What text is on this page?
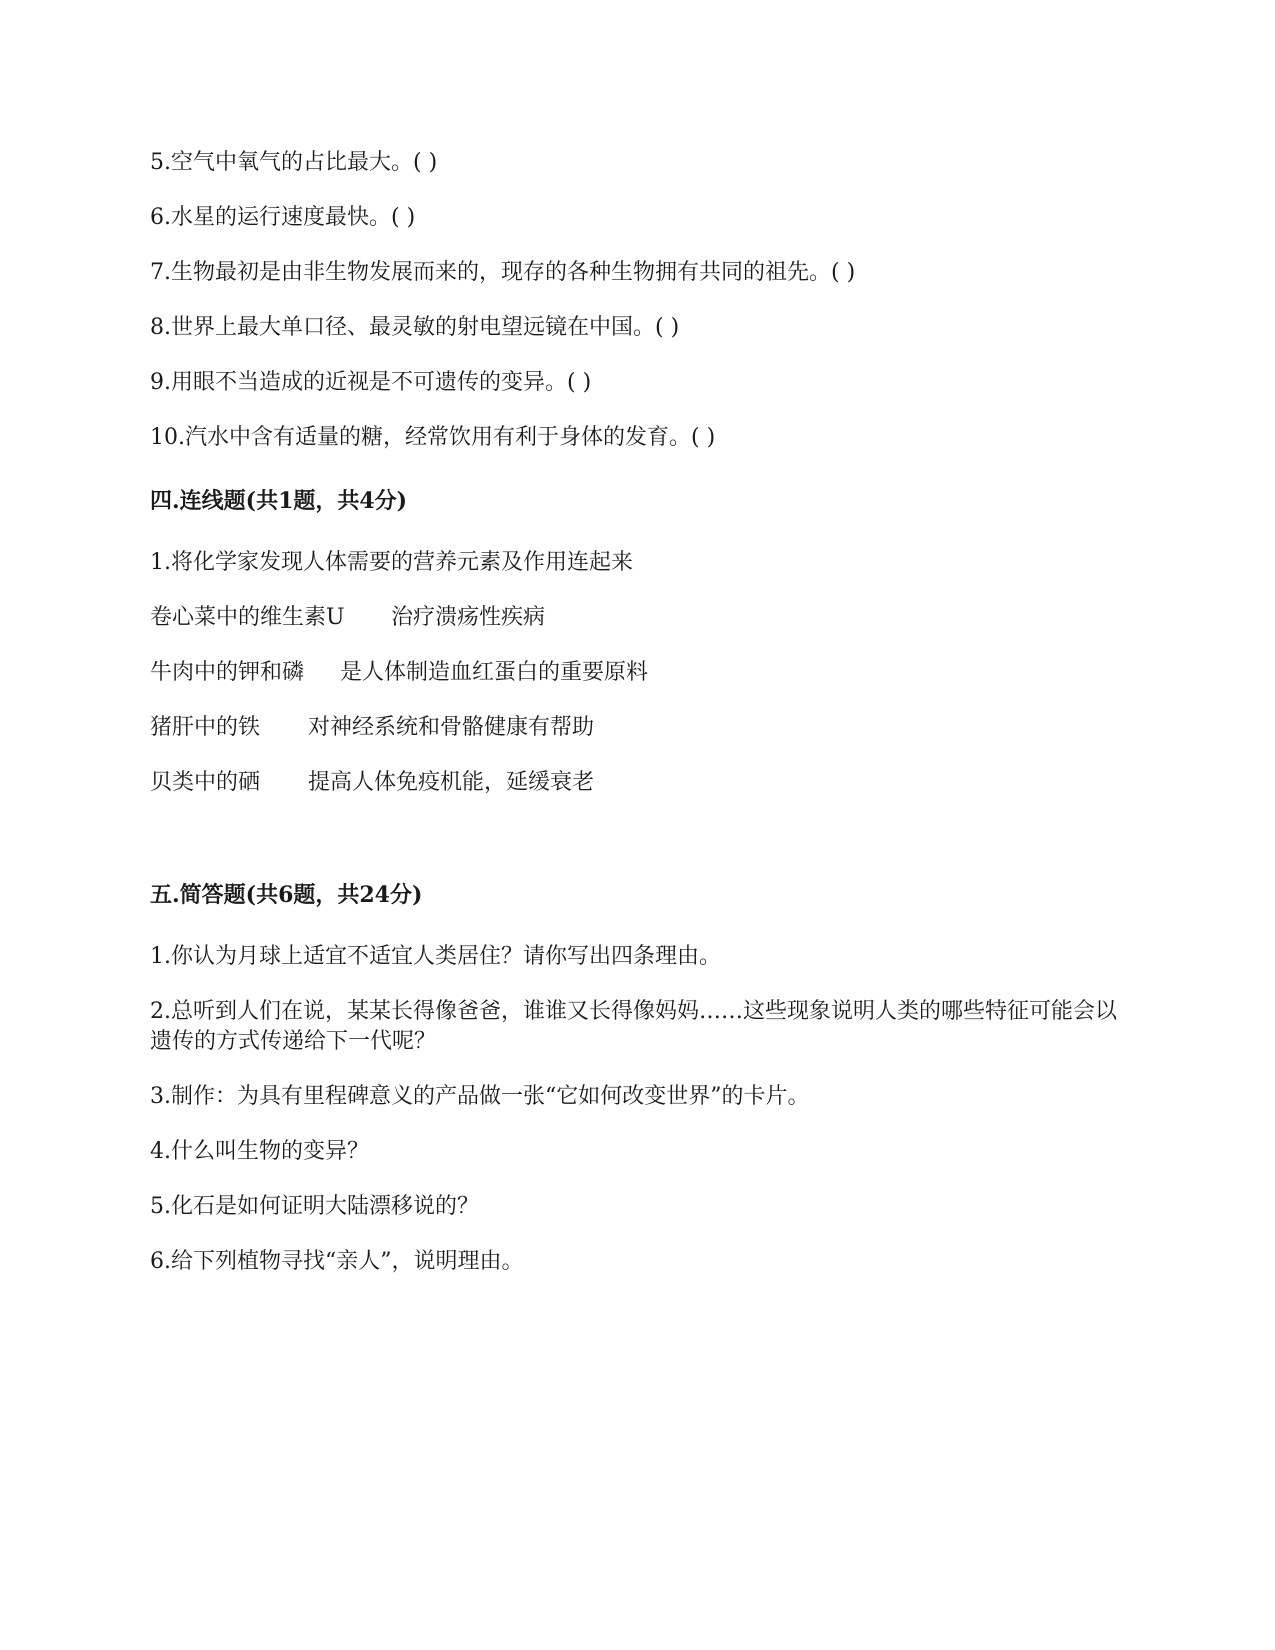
5.空气中氧气的占比最大。( )
6.水星的运行速度最快。( )
7.生物最初是由非生物发展而来的，现存的各种生物拥有共同的祖先。( )
8.世界上最大单口径、最灵敏的射电望远镜在中国。( )
9.用眼不当造成的近视是不可遗传的变异。( )
10.汽水中含有适量的糖，经常饮用有利于身体的发育。( )
四.连线题(共1题，共4分)
1.将化学家发现人体需要的营养元素及作用连起来
卷心菜中的维生素U 治疗溃疡性疾病
牛肉中的钾和磷 是人体制造血红蛋白的重要原料
猪肝中的铁 对神经系统和骨骼健康有帮助
贝类中的硒 提高人体免疫机能，延缓衰老
五.简答题(共6题，共24分)
1.你认为月球上适宜不适宜人类居住？请你写出四条理由。
2.总听到人们在说，某某长得像爸爸，谁谁又长得像妈妈……这些现象说明人类的哪些特征可能会以遗传的方式传递给下一代呢？
3.制作：为具有里程碑意义的产品做一张“它如何改变世界”的卡片。
4.什么叫生物的变异？
5.化石是如何证明大陆漂移说的？
6.给下列植物寻找“亲人”，说明理由。
